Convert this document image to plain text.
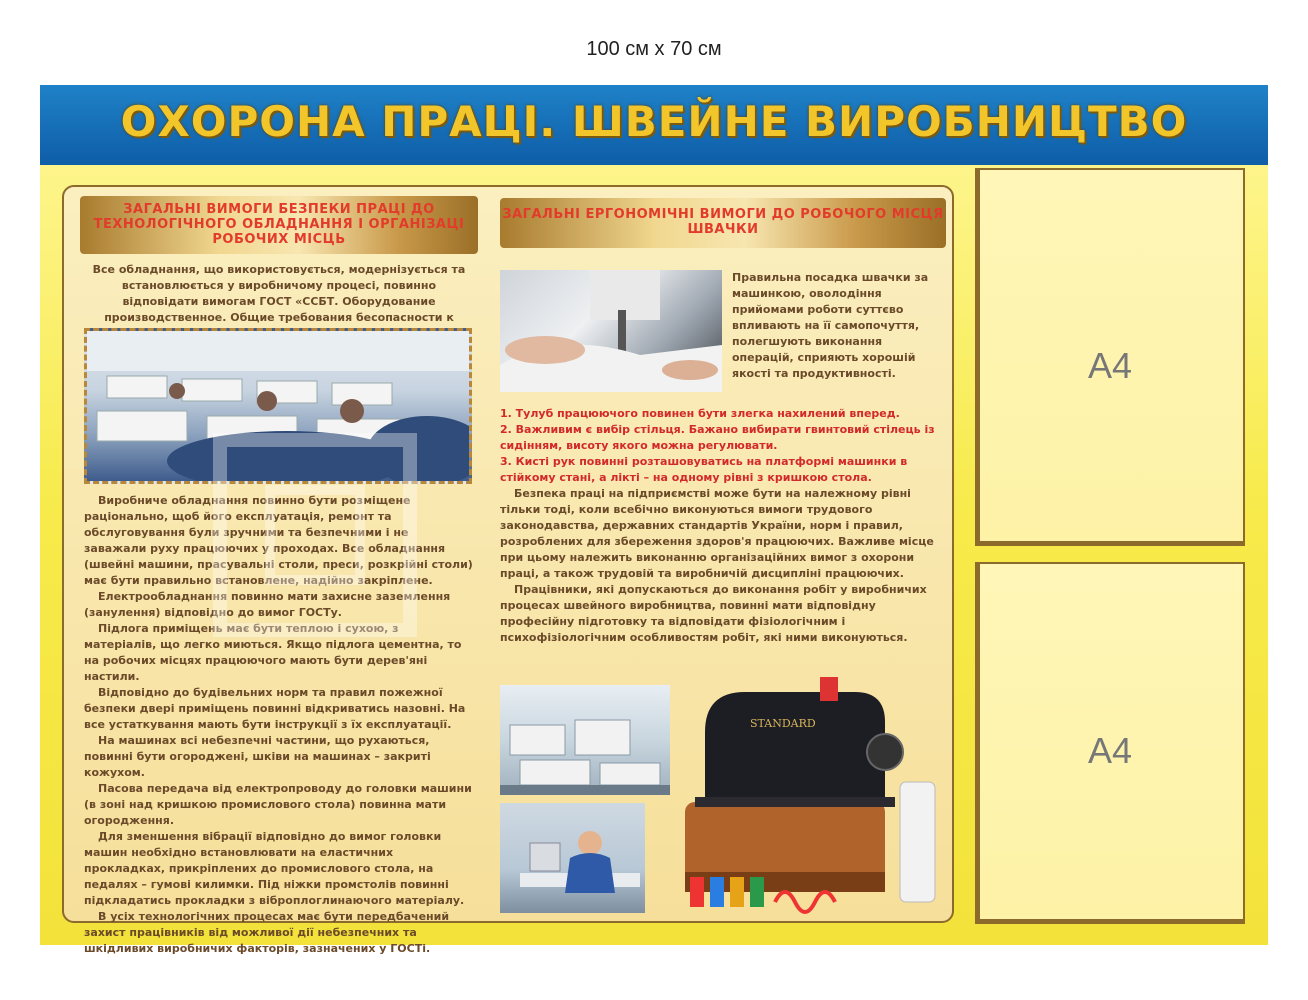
100 см х 70 см
ОХОРОНА ПРАЦІ. ШВЕЙНЕ ВИРОБНИЦТВО
ЗАГАЛЬНІ ВИМОГИ БЕЗПЕКИ ПРАЦІ ДО ТЕХНОЛОГІЧНОГО ОБЛАДНАННЯ І ОРГАНІЗАЦІ РОБОЧИХ МІСЦЬ
ЗАГАЛЬНІ ЕРГОНОМІЧНІ ВИМОГИ ДО РОБОЧОГО МІСЦЯ ШВАЧКИ
Все обладнання, що використовується, модернізується та встановлюється у виробничому процесі, повинно відповідати вимогам ГОСТ «ССБТ. Оборудование производственное. Общие требования бесопасности к

Виробниче обладнання повинно бути розміщене раціонально, щоб його експлуатація, ремонт та обслуговування були зручними та безпечними і не заважали руху працюючих у проходах. Все обладнання (швейні машини, прасувальні столи, преси, розкрійні столи) має бути правильно встановлене, надійно закріплене.

Електрообладнання повинно мати захисне заземлення (занулення) відповідно до вимог ГОСТу.

Підлога приміщень має бути теплою і сухою, з матеріалів, що легко миються. Якщо підлога цементна, то на робочих місцях працюючого мають бути дерев'яні настили.

Відповідно до будівельних норм та правил пожежної безпеки двері приміщень повинні відкриватись назовні. На все устаткування мають бути інструкції з їх експлуатації.

На машинах всі небезпечні частини, що рухаються, повинні бути огороджені, шківи на машинах – закриті кожухом.

Пасова передача від електропроводу до головки машини (в зоні над кришкою промислового стола) повинна мати огородження.

Для зменшення вібрації відповідно до вимог головки машин необхідно встановлювати на еластичних прокладках, прикріплених до промислового стола, на педалях – гумові килимки. Під ніжки промстолів повинні підкладатись прокладки з віброплоглинаючого матеріалу.

В усіх технологічних процесах має бути передбачений захист працівників від можливої дії небезпечних та шкідливих виробничих факторів, зазначених у ГОСТі.

Правильна посадка швачки за машинкою, оволодіння прийомами роботи суттєво впливають на її самопочуття, полегшують виконання операцій, сприяють хорошій якості та продуктивності.
1. Тулуб працюючого повинен бути злегка нахилений вперед.
2. Важливим є вибір стільця. Бажано вибирати гвинтовий стілець із сидінням, висоту якого можна регулювати.
3. Кисті рук повинні розташовуватись на платформі машинки в стійкому стані, а лікті – на одному рівні з кришкою стола.

Безпека праці на підприємстві може бути на належному рівні тільки тоді, коли всебічно виконуються вимоги трудового законодавства, державних стандартів України, норм і правил, розроблених для збереження здоров'я працюючих. Важливе місце при цьому належить виконанню організаційних вимог з охорони праці, а також трудовій та виробничій дисципліні працюючих.

Працівники, які допускаються до виконання робіт у виробничих процесах швейного виробництва, повинні мати відповідну професійну підготовку та відповідати фізіологічним і психофізіологічним особливостям робіт, які ними виконуються.

STANDARD
A4
A4
